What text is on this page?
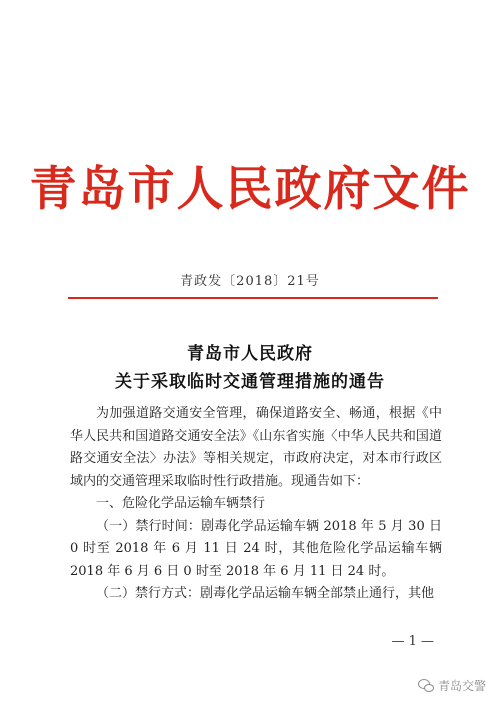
青岛市人民政府文件
青政发〔2018〕21号
青岛市人民政府
关于采取临时交通管理措施的通告

为加强道路交通安全管理，确保道路安全、畅通，根据《中华人民共和国道路交通安全法》《山东省实施〈中华人民共和国道路交通安全法〉办法》等相关规定，市政府决定，对本市行政区域内的交通管理采取临时性行政措施。现通告如下：

一、危险化学品运输车辆禁行

（一）禁行时间：剧毒化学品运输车辆 2018 年 5 月 30 日 0 时至 2018 年 6 月 11 日 24 时，其他危险化学品运输车辆 2018 年 6 月 6 日 0 时至 2018 年 6 月 11 日 24 时。

（二）禁行方式：剧毒化学品运输车辆全部禁止通行，其他

— 1 —
青岛交警
